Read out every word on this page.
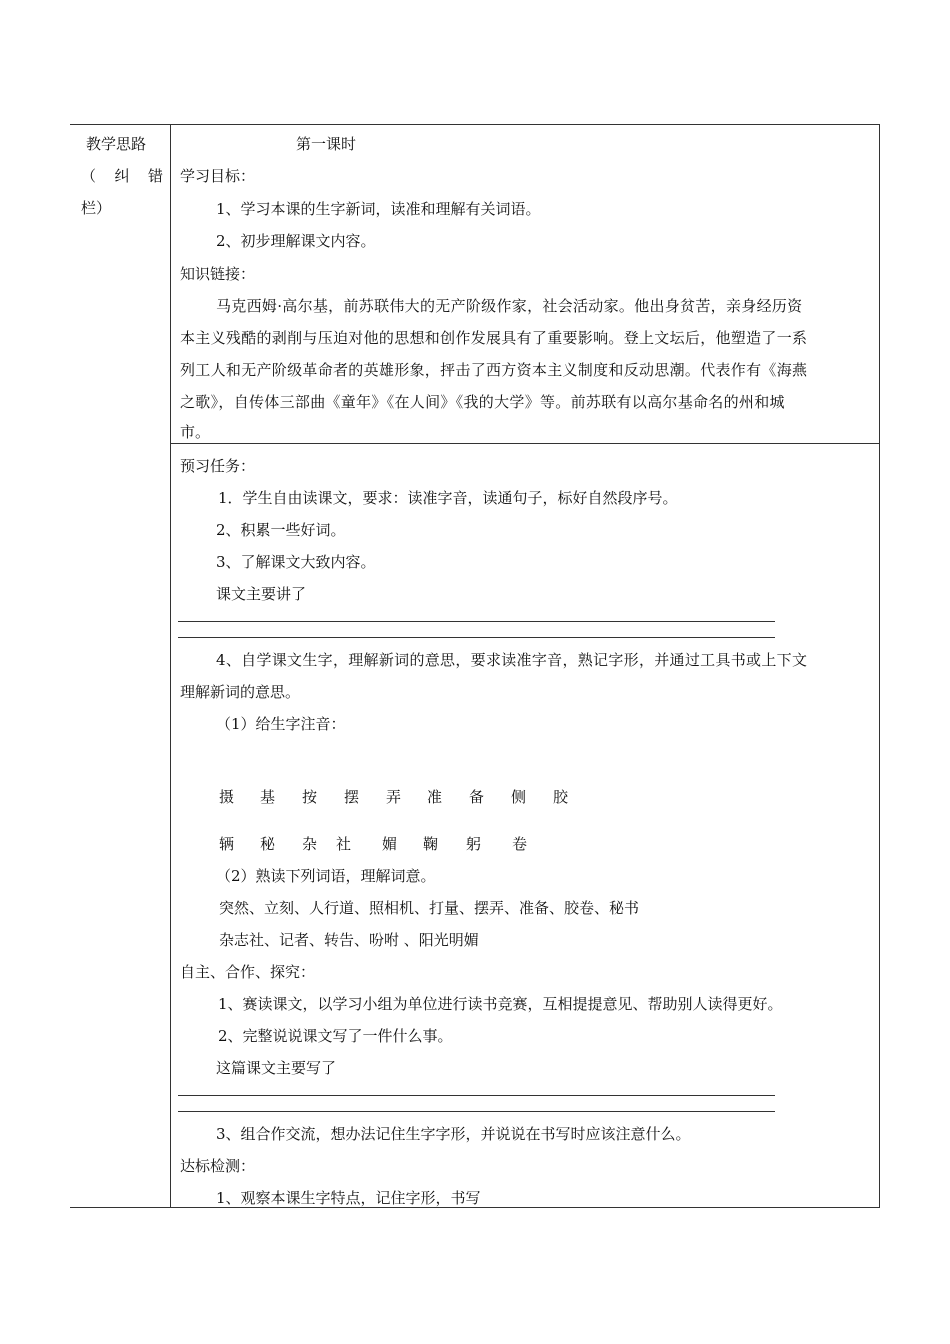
教学思路
（ 纠 错
栏）
第一课时
学习目标：
1、学习本课的生字新词，读准和理解有关词语。
2、初步理解课文内容。
知识链接：
马克西姆·高尔基，前苏联伟大的无产阶级作家，社会活动家。他出身贫苦，亲身经历资
本主义残酷的剥削与压迫对他的思想和创作发展具有了重要影响。登上文坛后，他塑造了一系
列工人和无产阶级革命者的英雄形象，抨击了西方资本主义制度和反动思潮。代表作有《海燕
之歌》，自传体三部曲《童年》《在人间》《我的大学》等。前苏联有以高尔基命名的州和城
市。
预习任务：
1．学生自由读课文，要求：读准字音，读通句子，标好自然段序号。
2、积累一些好词。
3、了解课文大致内容。
课文主要讲了
4、自学课文生字，理解新词的意思，要求读准字音，熟记字形，并通过工具书或上下文
理解新词的意思。
（1）给生字注音：
摄 基 按 摆 弄 准 备 侧 胶
辆 秘 杂 社 媚 鞠 躬 卷
（2）熟读下列词语，理解词意。
突然、立刻、人行道、照相机、打量、摆弄、准备、胶卷、秘书
杂志社、记者、转告、吩咐 、阳光明媚
自主、合作、探究：
1、赛读课文，以学习小组为单位进行读书竞赛，互相提提意见、帮助别人读得更好。
2、完整说说课文写了一件什么事。
这篇课文主要写了
3、组合作交流，想办法记住生字字形，并说说在书写时应该注意什么。
达标检测：
1、观察本课生字特点，记住字形，书写
